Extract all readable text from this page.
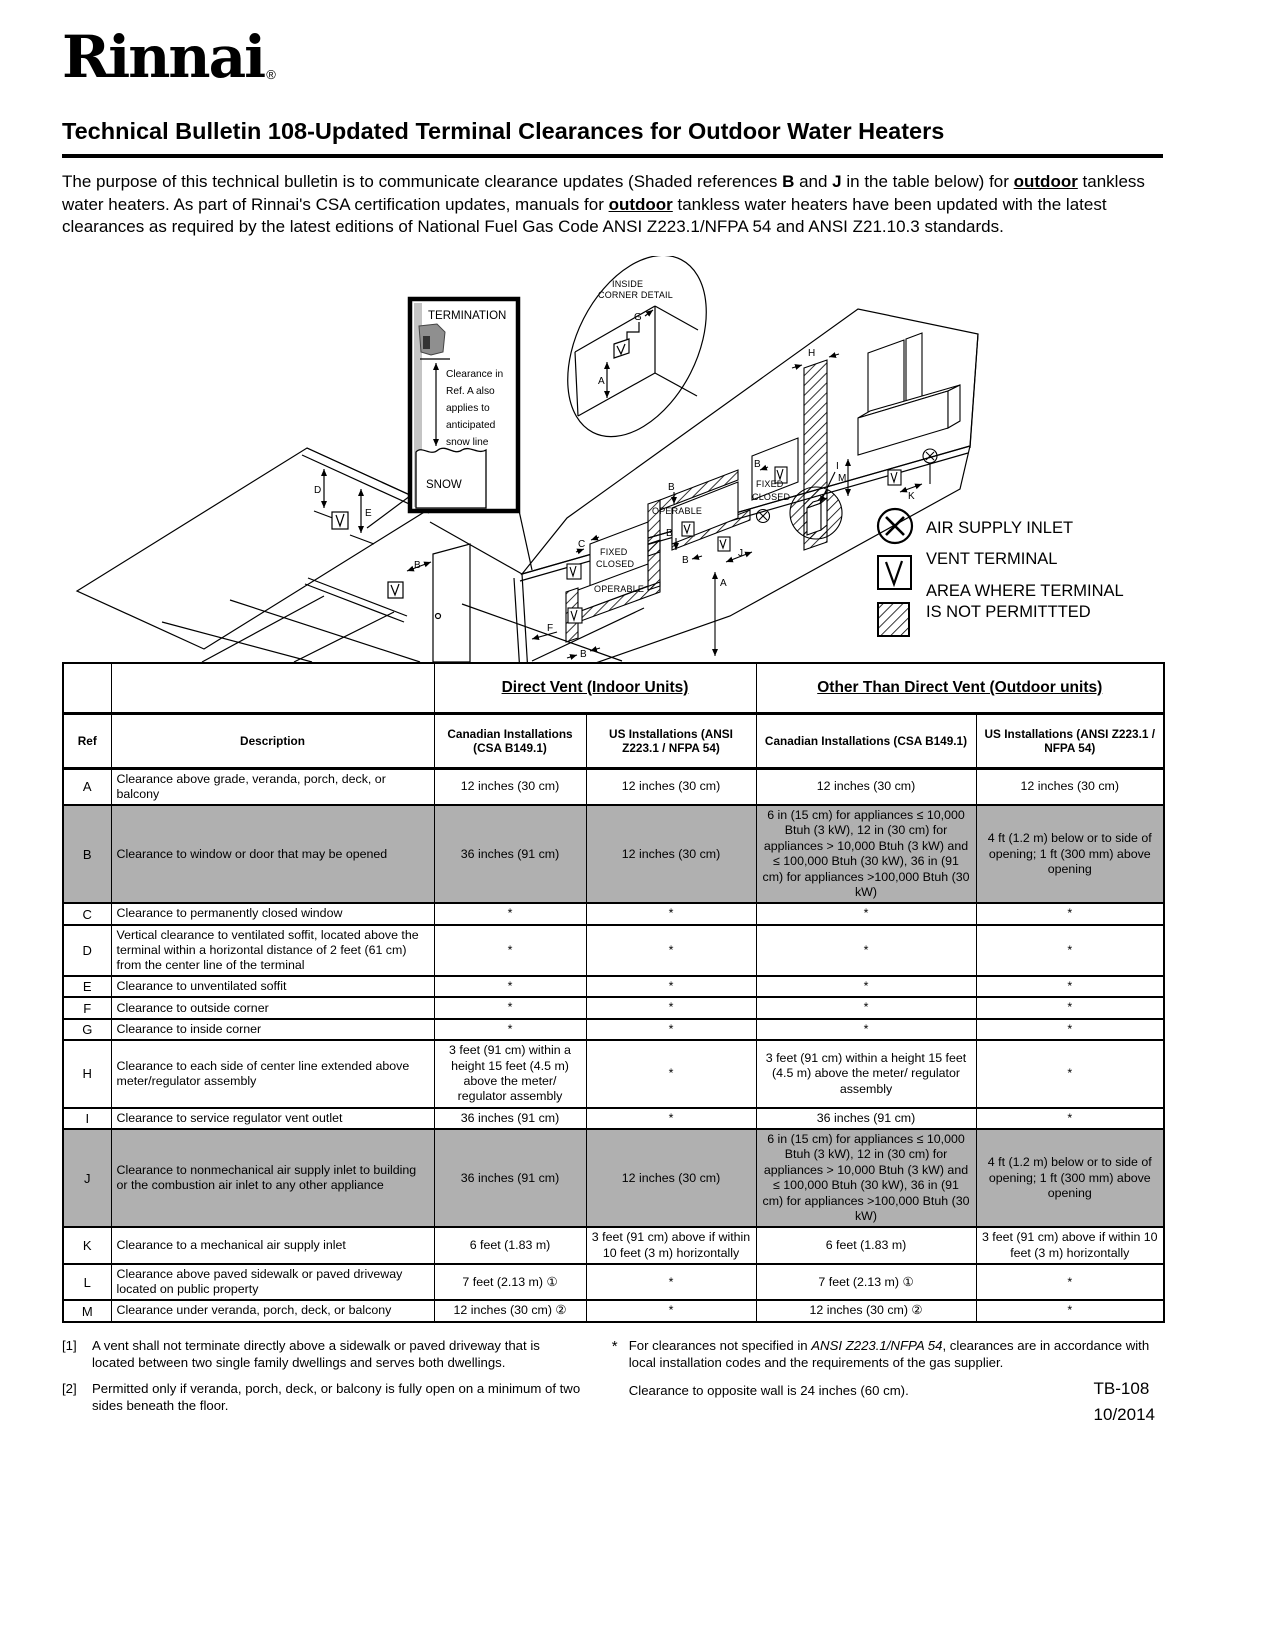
Rinnai ®
Technical Bulletin 108-Updated Terminal Clearances for Outdoor Water Heaters

The purpose of this technical bulletin is to communicate clearance updates (Shaded references B and J in the table below) for outdoor tankless water heaters. As part of Rinnai's CSA certification updates, manuals for outdoor tankless water heaters have been updated with the latest clearances as required by the latest editions of National Fuel Gas Code ANSI Z223.1/NFPA 54 and ANSI Z21.10.3 standards.

D
E
B
C
F
B
FIXED
CLOSED
OPERABLE
B
B
B
B
J
A
OPERABLE
FIXED
CLOSED
H
I
M
K
INSIDE
CORNER DETAIL
G
A
TERMINATION
Clearance in
Ref. A also
applies to
anticipated
snow line
SNOW
AIR SUPPLY INLET
VENT TERMINAL
AREA WHERE TERMINAL
IS NOT PERMITTTED
		Direct Vent (Indoor Units)		Other Than Direct Vent (Outdoor units)	
Ref	Description	Canadian Installations (CSA B149.1)	US Installations (ANSI Z223.1 / NFPA 54)	Canadian Installations (CSA B149.1)	US Installations (ANSI Z223.1 / NFPA 54)
A	Clearance above grade, veranda, porch, deck, or balcony	12 inches (30 cm)	12 inches (30 cm)	12 inches (30 cm)	12 inches (30 cm)
B	Clearance to window or door that may be opened	36 inches (91 cm)	12 inches (30 cm)	6 in (15 cm) for appliances ≤ 10,000 Btuh (3 kW), 12 in (30 cm) for appliances > 10,000 Btuh (3 kW) and ≤ 100,000 Btuh (30 kW), 36 in (91 cm) for appliances >100,000 Btuh (30 kW)	4 ft (1.2 m) below or to side of opening; 1 ft (300 mm) above opening
C	Clearance to permanently closed window	*	*	*	*
D	Vertical clearance to ventilated soffit, located above the terminal within a horizontal distance of 2 feet (61 cm) from the center line of the terminal	*	*	*	*
E	Clearance to unventilated soffit	*	*	*	*
F	Clearance to outside corner	*	*	*	*
G	Clearance to inside corner	*	*	*	*
H	Clearance to each side of center line extended above meter/regulator assembly	3 feet (91 cm) within a height 15 feet (4.5 m) above the meter/ regulator assembly	*	3 feet (91 cm) within a height 15 feet (4.5 m) above the meter/ regulator assembly	*
I	Clearance to service regulator vent outlet	36 inches (91 cm)	*	36 inches (91 cm)	*
J	Clearance to nonmechanical air supply inlet to building or the combustion air inlet to any other appliance	36 inches (91 cm)	12 inches (30 cm)	6 in (15 cm) for appliances ≤ 10,000 Btuh (3 kW), 12 in (30 cm) for appliances > 10,000 Btuh (3 kW) and ≤ 100,000 Btuh (30 kW), 36 in (91 cm) for appliances >100,000 Btuh (30 kW)	4 ft (1.2 m) below or to side of opening; 1 ft (300 mm) above opening
K	Clearance to a mechanical air supply inlet	6 feet (1.83 m)	3 feet (91 cm) above if within 10 feet (3 m) horizontally	6 feet (1.83 m)	3 feet (91 cm) above if within 10 feet (3 m) horizontally
L	Clearance above paved sidewalk or paved driveway located on public property	7 feet (2.13 m) ①	*	7 feet (2.13 m) ①	*
M	Clearance under veranda, porch, deck, or balcony	12 inches (30 cm) ②	*	12 inches (30 cm) ②	*
[1]	A vent shall not terminate directly above a sidewalk or paved driveway that is located between two single family dwellings and serves both dwellings.
[2]	Permitted only if veranda, porch, deck, or balcony is fully open on a minimum of two sides beneath the floor.
* For clearances not specified in ANSI Z223.1/NFPA 54, clearances are in accordance with local installation codes and the requirements of the gas supplier.
Clearance to opposite wall is 24 inches (60 cm).	TB-108
10/2014
